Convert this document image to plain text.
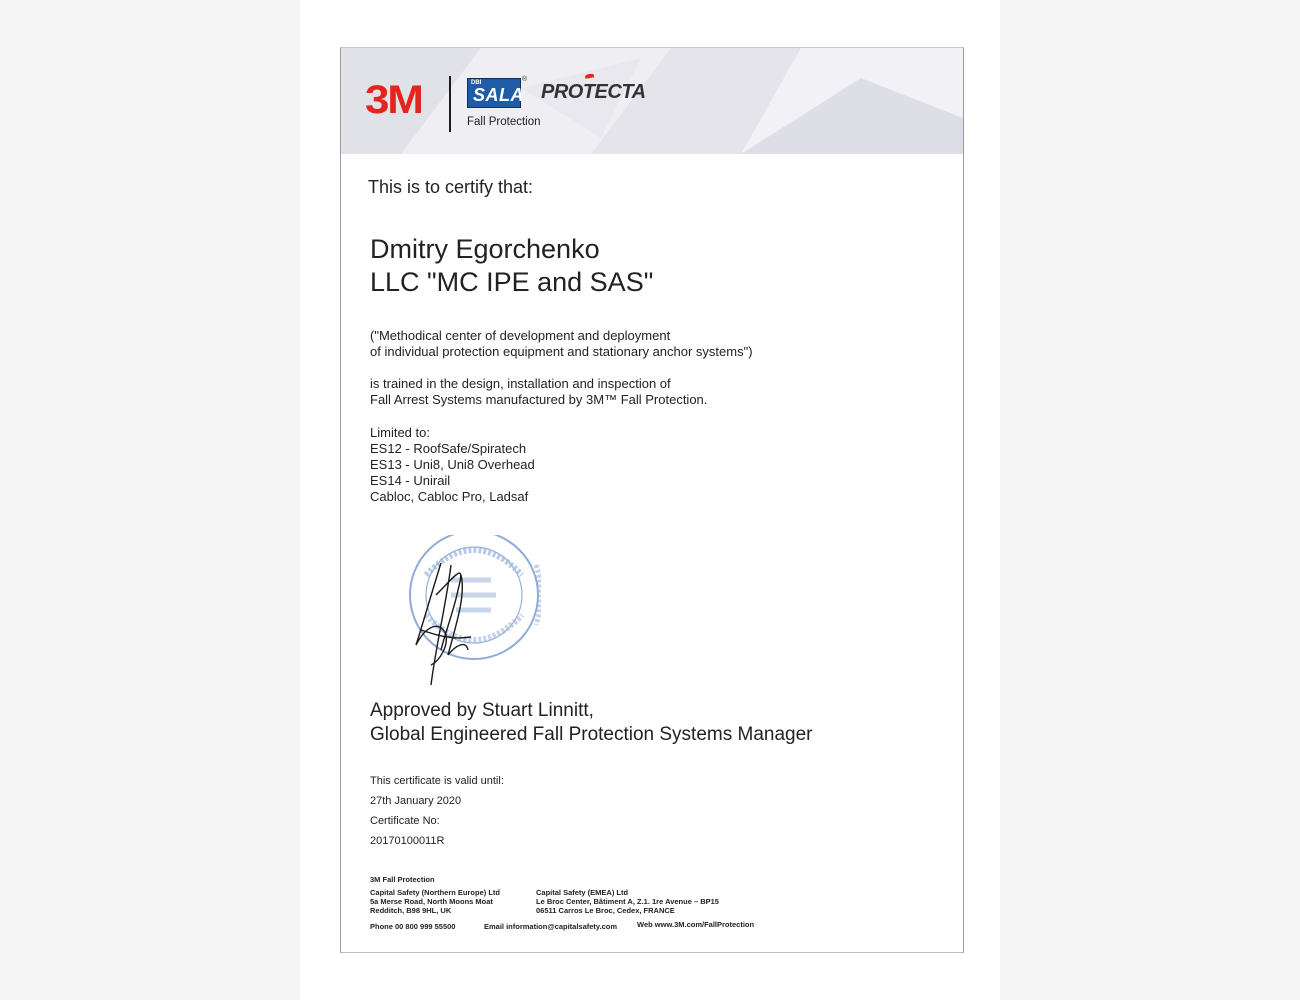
3M	DBI
SALA
®
PROTECTA
Fall Protection
This is to certify that:
Dmitry Egorchenko
LLC "MC IPE and SAS"
("Methodical center of development and deployment
of individual protection equipment and stationary anchor systems")
is trained in the design, installation and inspection of
Fall Arrest Systems manufactured by 3M™ Fall Protection.
Limited to:
ES12 - RoofSafe/Spiratech
ES13 - Uni8, Uni8 Overhead
ES14 - Unirail
Cabloc, Cabloc Pro, Ladsaf
Approved by Stuart Linnitt,
Global Engineered Fall Protection Systems Manager
This certificate is valid until:
27th January 2020
Certificate No:
20170100011R
3M Fall Protection
Capital Safety (Northern Europe) Ltd
5a Merse Road, North Moons Moat
Redditch, B98 9HL, UK
Capital Safety (EMEA) Ltd
Le Broc Center, Bâtiment A, Z.1. 1re Avenue – BP15
06511 Carros Le Broc, Cedex, FRANCE
Phone 00 800 999 55500	Email information@capitalsafety.com	Web www.3M.com/FallProtection
